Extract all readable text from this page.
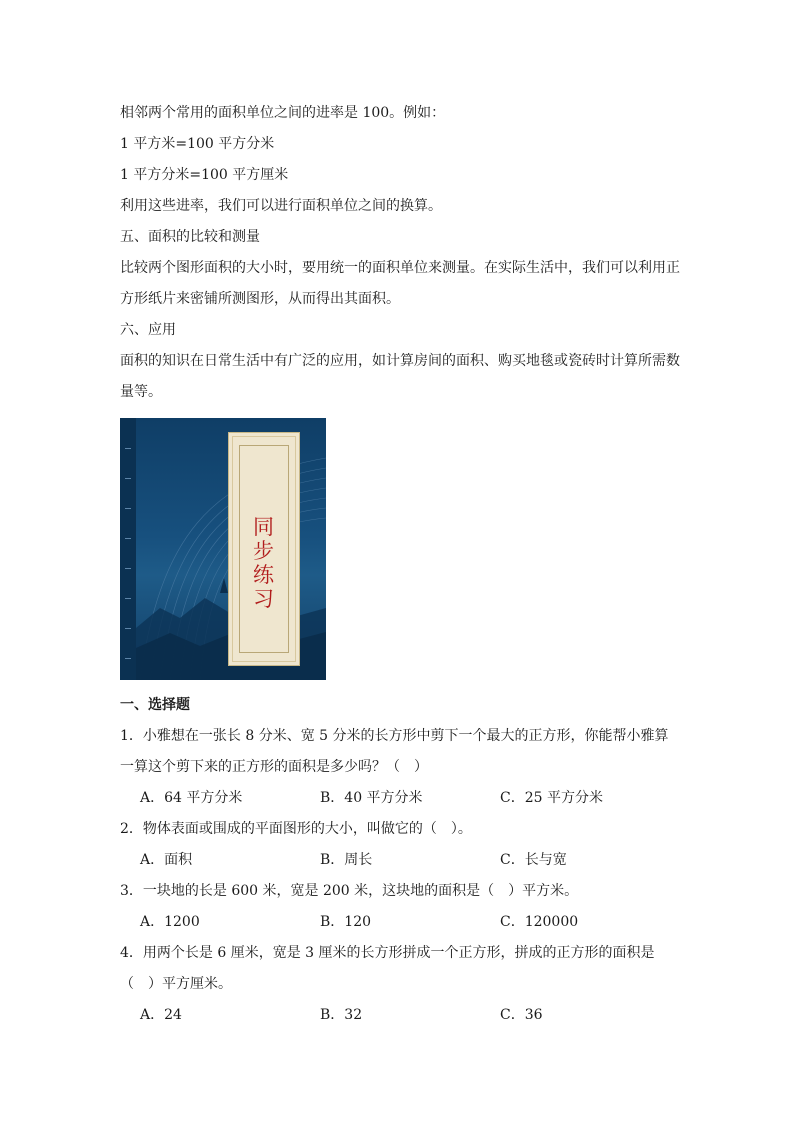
相邻两个常用的面积单位之间的进率是 100。例如：
1 平方米=100 平方分米
1 平方分米=100 平方厘米
利用这些进率，我们可以进行面积单位之间的换算。
五、面积的比较和测量
比较两个图形面积的大小时，要用统一的面积单位来测量。在实际生活中，我们可以利用正方形纸片来密铺所测图形，从而得出其面积。
六、应用
面积的知识在日常生活中有广泛的应用，如计算房间的面积、购买地毯或瓷砖时计算所需数量等。
同
步
练
习
一、选择题
1．小雅想在一张长 8 分米、宽 5 分米的长方形中剪下一个最大的正方形，你能帮小雅算一算这个剪下来的正方形的面积是多少吗？（　）
A．64 平方分米	B．40 平方分米	C．25 平方分米
2．物体表面或围成的平面图形的大小，叫做它的（　）。
A．面积	B．周长	C．长与宽
3．一块地的长是 600 米，宽是 200 米，这块地的面积是（　）平方米。
A．1200	B．120	C．120000
4．用两个长是 6 厘米，宽是 3 厘米的长方形拼成一个正方形，拼成的正方形的面积是（　）平方厘米。
A．24	B．32	C．36
